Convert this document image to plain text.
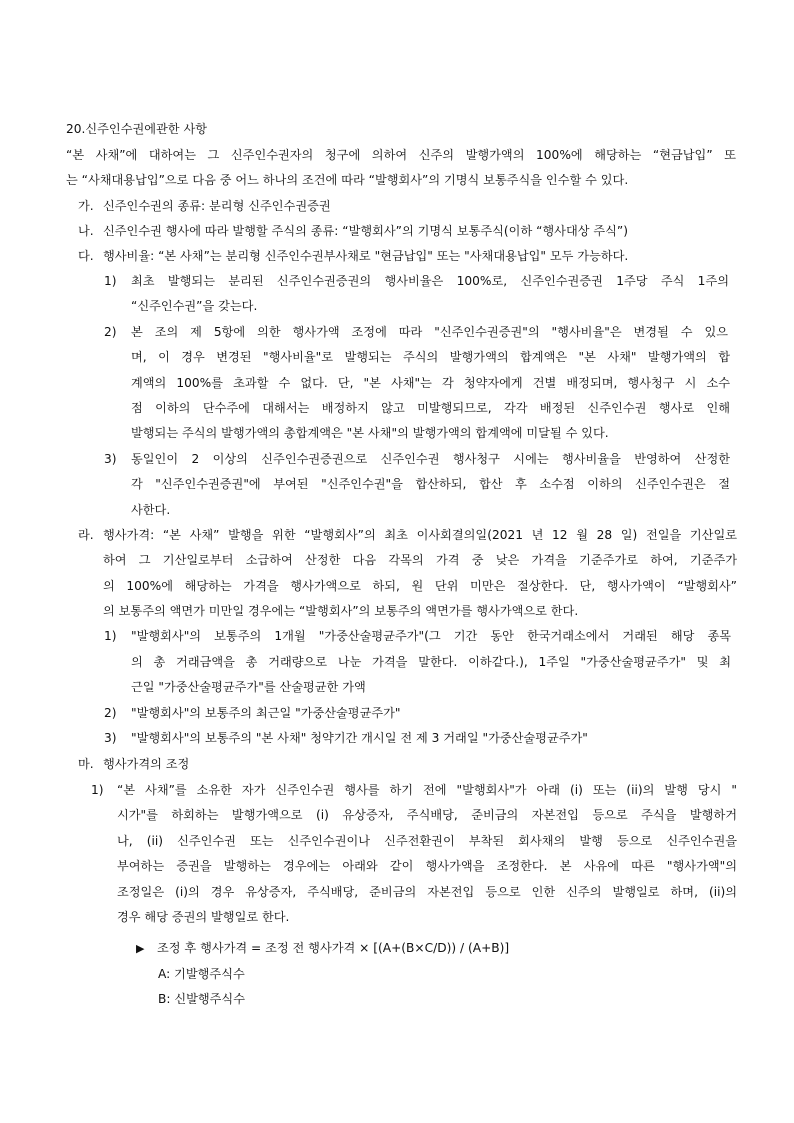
20.신주인수권에관한 사항
“본 사채”에 대하여는 그 신주인수권자의 청구에 의하여 신주의 발행가액의 100%에 해당하는 “현금납입” 또
는 “사채대용납입”으로 다음 중 어느 하나의 조건에 따라 “발행회사”의 기명식 보통주식을 인수할 수 있다.
가. 신주인수권의 종류: 분리형 신주인수권증권
나. 신주인수권 행사에 따라 발행할 주식의 종류: “발행회사”의 기명식 보통주식(이하 “행사대상 주식”)
다. 행사비율: “본 사채”는 분리형 신주인수권부사채로 "현금납입" 또는 "사채대용납입" 모두 가능하다.
1) 최초 발행되는 분리된 신주인수권증권의 행사비율은 100%로, 신주인수권증권 1주당 주식 1주의
“신주인수권”을 갖는다.
2) 본 조의 제 5항에 의한 행사가액 조정에 따라 "신주인수권증권"의 "행사비율"은 변경될 수 있으
며, 이 경우 변경된 "행사비율"로 발행되는 주식의 발행가액의 합계액은 "본 사채" 발행가액의 합
계액의 100%를 초과할 수 없다. 단, "본 사채"는 각 청약자에게 건별 배정되며, 행사청구 시 소수
점 이하의 단수주에 대해서는 배정하지 않고 미발행되므로, 각각 배정된 신주인수권 행사로 인해
발행되는 주식의 발행가액의 총합계액은 "본 사채"의 발행가액의 합계액에 미달될 수 있다.
3) 동일인이 2 이상의 신주인수권증권으로 신주인수권 행사청구 시에는 행사비율을 반영하여 산정한
각 "신주인수권증권"에 부여된 "신주인수권"을 합산하되, 합산 후 소수점 이하의 신주인수권은 절
사한다.
라. 행사가격: “본 사채” 발행을 위한 “발행회사”의 최초 이사회결의일(2021 년 12 월 28 일) 전일을 기산일로
하여 그 기산일로부터 소급하여 산정한 다음 각목의 가격 중 낮은 가격을 기준주가로 하여, 기준주가
의 100%에 해당하는 가격을 행사가액으로 하되, 원 단위 미만은 절상한다. 단, 행사가액이 “발행회사”
의 보통주의 액면가 미만일 경우에는 “발행회사”의 보통주의 액면가를 행사가액으로 한다.
1) "발행회사"의 보통주의 1개월 "가중산술평균주가"(그 기간 동안 한국거래소에서 거래된 해당 종목
의 총 거래금액을 총 거래량으로 나눈 가격을 말한다. 이하같다.), 1주일 "가중산술평균주가" 및 최
근일 "가중산술평균주가"를 산술평균한 가액
2) "발행회사"의 보통주의 최근일 "가중산술평균주가"
3) "발행회사"의 보통주의 "본 사채" 청약기간 개시일 전 제 3 거래일 "가중산술평균주가"
마. 행사가격의 조정
1) “본 사채”를 소유한 자가 신주인수권 행사를 하기 전에 "발행회사"가 아래 (i) 또는 (ii)의 발행 당시 "
시가"를 하회하는 발행가액으로 (i) 유상증자, 주식배당, 준비금의 자본전입 등으로 주식을 발행하거
나, (ii) 신주인수권 또는 신주인수권이나 신주전환권이 부착된 회사채의 발행 등으로 신주인수권을
부여하는 증권을 발행하는 경우에는 아래와 같이 행사가액을 조정한다. 본 사유에 따른 "행사가액"의
조정일은 (i)의 경우 유상증자, 주식배당, 준비금의 자본전입 등으로 인한 신주의 발행일로 하며, (ii)의
경우 해당 증권의 발행일로 한다.
▶ 조정 후 행사가격 = 조정 전 행사가격 × [(A+(B×C/D)) / (A+B)]
A: 기발행주식수
B: 신발행주식수
